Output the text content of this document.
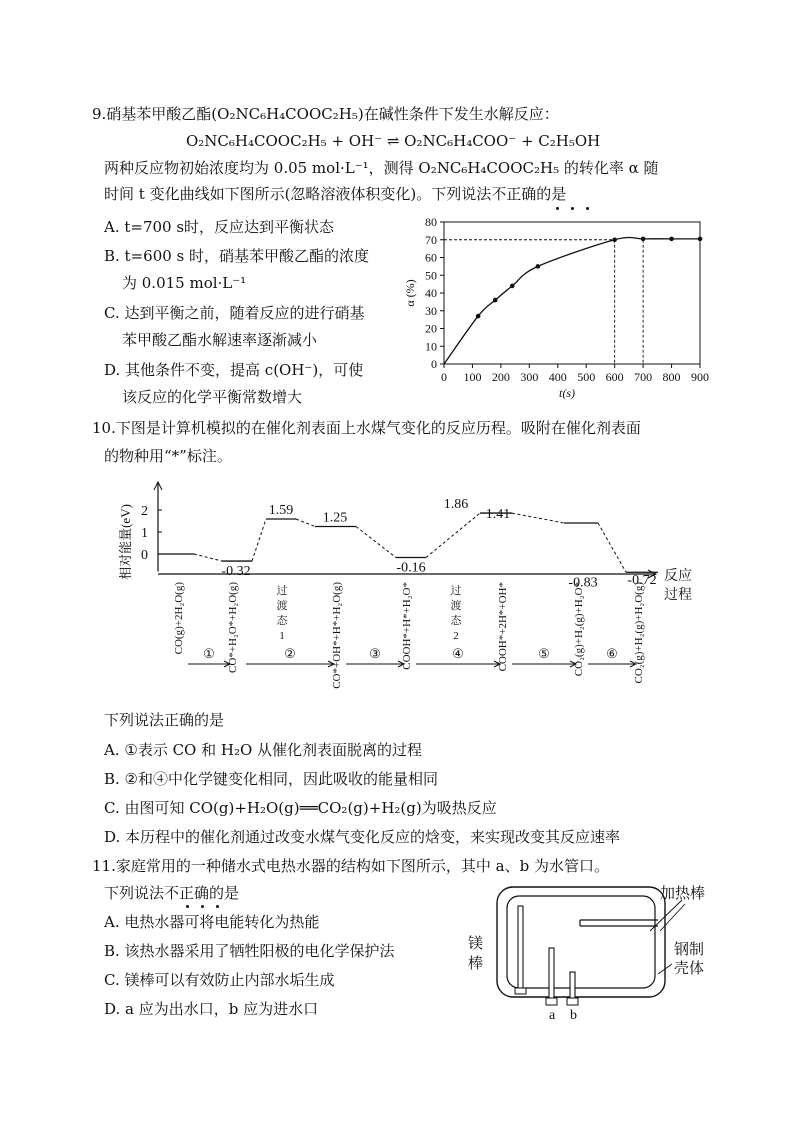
9.硝基苯甲酸乙酯(O₂NC₆H₄COOC₂H₅)在碱性条件下发生水解反应：
O₂NC₆H₄COOC₂H₅ + OH⁻ ⇌ O₂NC₆H₄COO⁻ + C₂H₅OH
两种反应物初始浓度均为 0.05 mol·L⁻¹，测得 O₂NC₆H₄COOC₂H₅ 的转化率 α 随
时间 t 变化曲线如下图所示(忽略溶液体积变化)。下列说法不正确的是
A. t=700 s时，反应达到平衡状态
B. t=600 s 时，硝基苯甲酸乙酯的浓度
为 0.015 mol·L⁻¹
C. 达到平衡之前，随着反应的进行硝基
苯甲酸乙酯水解速率逐渐减小
D. 其他条件不变，提高 c(OH⁻)，可使
该反应的化学平衡常数增大
0
10
20
30
40
50
60
70
80
0 100 200 300 400 500 600 700 800 900
t(s)
α (%)
10.下图是计算机模拟的在催化剂表面上水煤气变化的反应历程。吸附在催化剂表面
的物种用“*”标注。
0
1
2
相对能量(eV)	反应
过程
-0.32
1.59 1.25
-0.16
1.86
1.41
-0.83 -0.72
过
渡
态
1
过
渡
态
2
CO(g)+2H₂O(g)	CO*+H₂O*+H₂O(g)	CO*+OH*+H*+H₂O(g)	COOH*+H*+H₂O*	COOH*+2H*+OH*	CO₂(g)+H₂(g)+H₂O*	CO₂(g)+H₂(g)+H₂O(g)
①	②	③	④	⑤	⑥
下列说法正确的是
A. ①表示 CO 和 H₂O 从催化剂表面脱离的过程
B. ②和④中化学键变化相同，因此吸收的能量相同
C. 由图可知 CO(g)+H₂O(g)══CO₂(g)+H₂(g)为吸热反应
D. 本历程中的催化剂通过改变水煤气变化反应的焓变，来实现改变其反应速率
11.家庭常用的一种储水式电热水器的结构如下图所示，其中 a、b 为水管口。
下列说法不正确的是
A. 电热水器可将电能转化为热能
B. 该热水器采用了牺牲阳极的电化学保护法
C. 镁棒可以有效防止内部水垢生成
D. a 应为出水口，b 应为进水口
加热棒
镁
棒
钢制
壳体
a b
